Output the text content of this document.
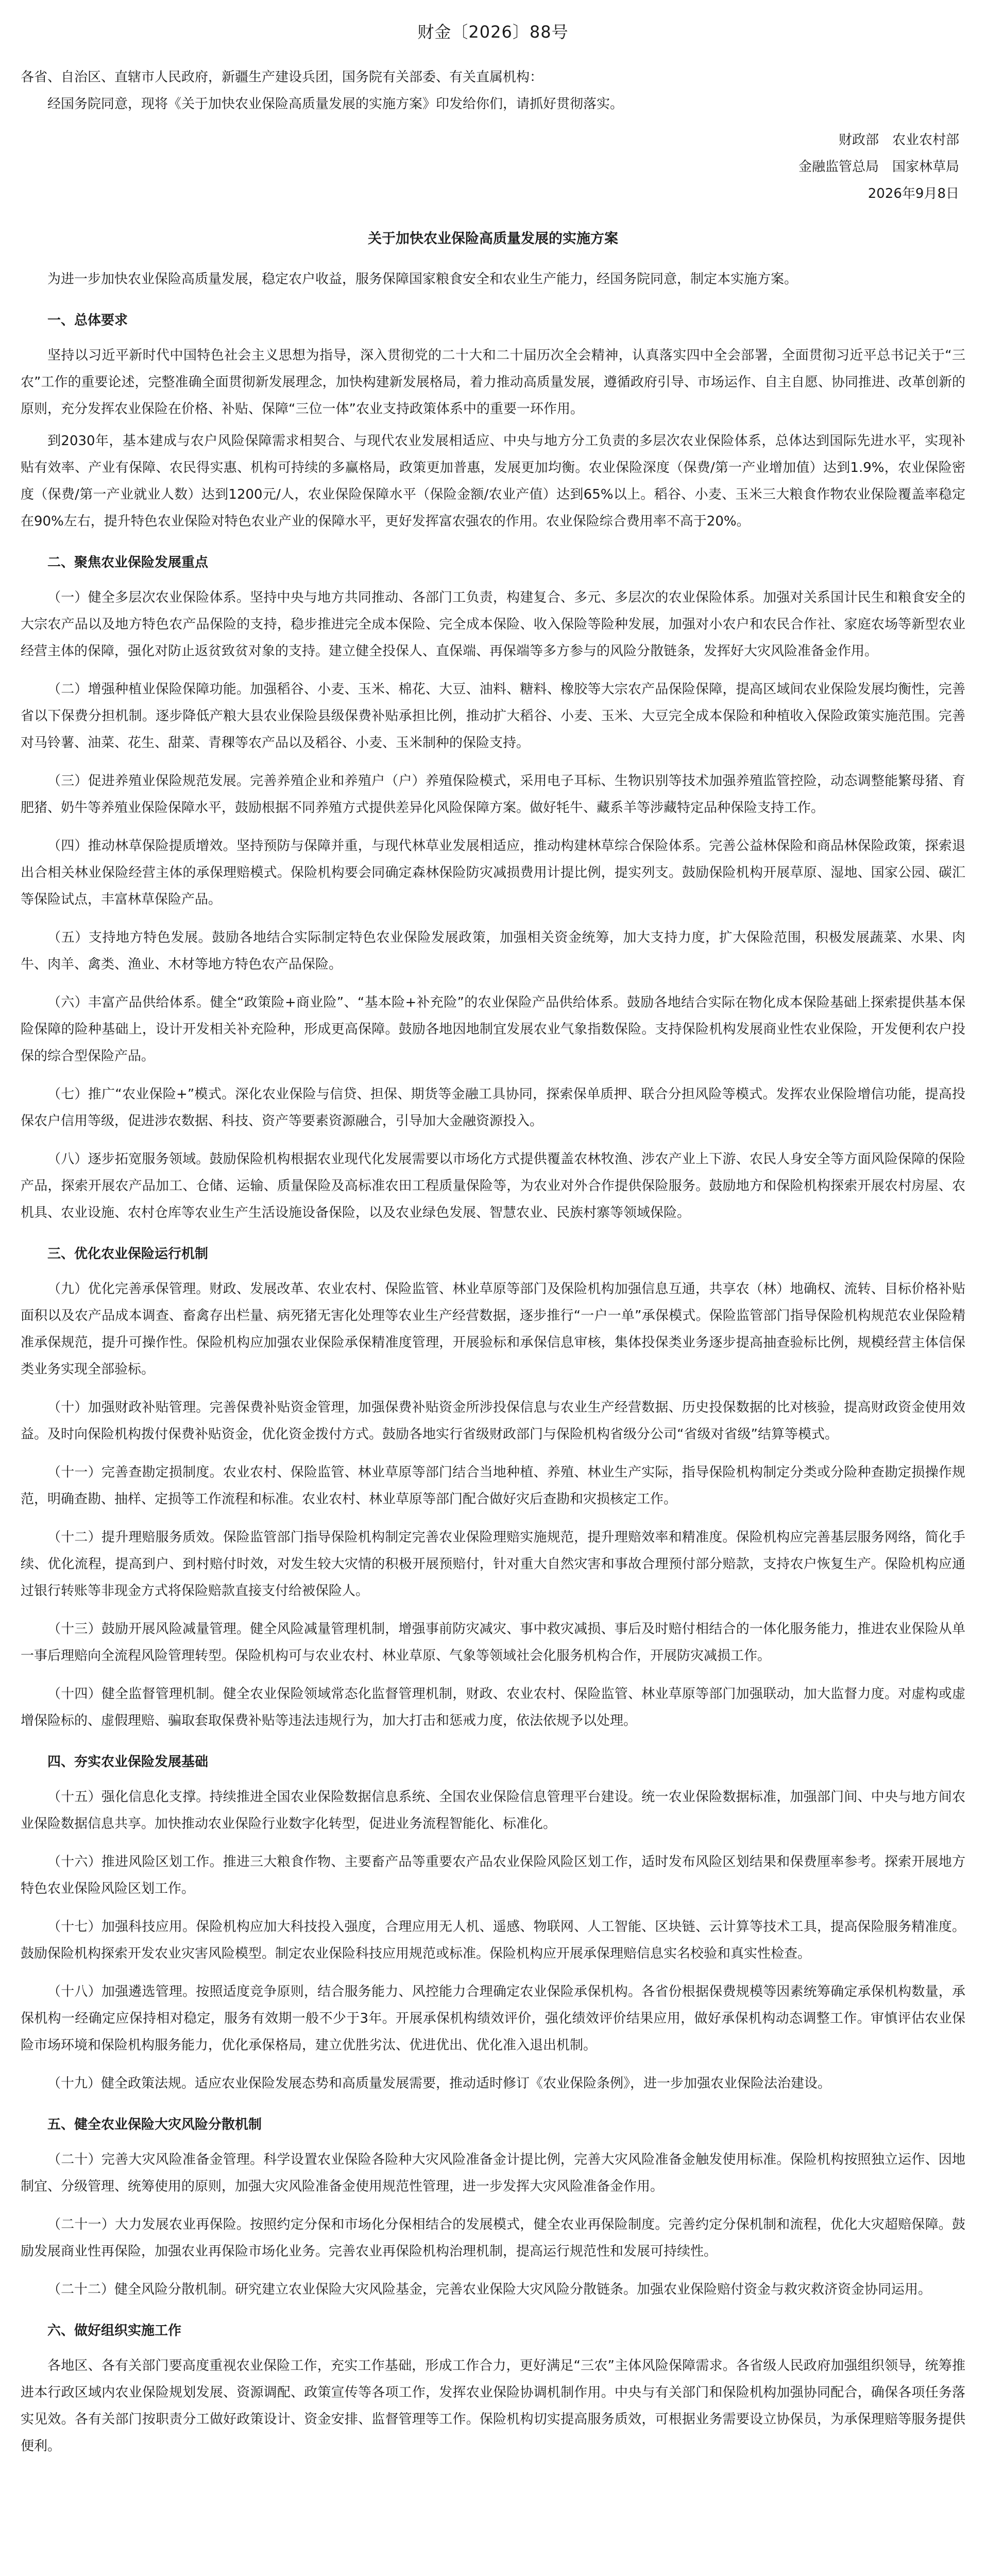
财金〔2026〕88号

各省、自治区、直辖市人民政府，新疆生产建设兵团，国务院有关部委、有关直属机构：

经国务院同意，现将《关于加快农业保险高质量发展的实施方案》印发给你们，请抓好贯彻落实。

财政部　农业农村部
金融监管总局　国家林草局
2026年9月8日
关于加快农业保险高质量发展的实施方案

为进一步加快农业保险高质量发展，稳定农户收益，服务保障国家粮食安全和农业生产能力，经国务院同意，制定本实施方案。

一、总体要求

坚持以习近平新时代中国特色社会主义思想为指导，深入贯彻党的二十大和二十届历次全会精神，认真落实四中全会部署，全面贯彻习近平总书记关于“三农”工作的重要论述，完整准确全面贯彻新发展理念，加快构建新发展格局，着力推动高质量发展，遵循政府引导、市场运作、自主自愿、协同推进、改革创新的原则，充分发挥农业保险在价格、补贴、保障“三位一体”农业支持政策体系中的重要一环作用。

到2030年，基本建成与农户风险保障需求相契合、与现代农业发展相适应、中央与地方分工负责的多层次农业保险体系，总体达到国际先进水平，实现补贴有效率、产业有保障、农民得实惠、机构可持续的多赢格局，政策更加普惠，发展更加均衡。农业保险深度（保费/第一产业增加值）达到1.9%，农业保险密度（保费/第一产业就业人数）达到1200元/人，农业保险保障水平（保险金额/农业产值）达到65%以上。稻谷、小麦、玉米三大粮食作物农业保险覆盖率稳定在90%左右，提升特色农业保险对特色农业产业的保障水平，更好发挥富农强农的作用。农业保险综合费用率不高于20%。

二、聚焦农业保险发展重点

（一）健全多层次农业保险体系。坚持中央与地方共同推动、各部门工负责，构建复合、多元、多层次的农业保险体系。加强对关系国计民生和粮食安全的大宗农产品以及地方特色农产品保险的支持，稳步推进完全成本保险、完全成本保险、收入保险等险种发展，加强对小农户和农民合作社、家庭农场等新型农业经营主体的保障，强化对防止返贫致贫对象的支持。建立健全投保人、直保端、再保端等多方参与的风险分散链条，发挥好大灾风险准备金作用。

（二）增强种植业保险保障功能。加强稻谷、小麦、玉米、棉花、大豆、油料、糖料、橡胶等大宗农产品保险保障，提高区域间农业保险发展均衡性，完善省以下保费分担机制。逐步降低产粮大县农业保险县级保费补贴承担比例，推动扩大稻谷、小麦、玉米、大豆完全成本保险和种植收入保险政策实施范围。完善对马铃薯、油菜、花生、甜菜、青稞等农产品以及稻谷、小麦、玉米制种的保险支持。

（三）促进养殖业保险规范发展。完善养殖企业和养殖户（户）养殖保险模式，采用电子耳标、生物识别等技术加强养殖监管控险，动态调整能繁母猪、育肥猪、奶牛等养殖业保险保障水平，鼓励根据不同养殖方式提供差异化风险保障方案。做好牦牛、藏系羊等涉藏特定品种保险支持工作。

（四）推动林草保险提质增效。坚持预防与保障并重，与现代林草业发展相适应，推动构建林草综合保险体系。完善公益林保险和商品林保险政策，探索退出合相关林业保险经营主体的承保理赔模式。保险机构要会同确定森林保险防灾减损费用计提比例，提实列支。鼓励保险机构开展草原、湿地、国家公园、碳汇等保险试点，丰富林草保险产品。

（五）支持地方特色发展。鼓励各地结合实际制定特色农业保险发展政策，加强相关资金统筹，加大支持力度，扩大保险范围，积极发展蔬菜、水果、肉牛、肉羊、禽类、渔业、木材等地方特色农产品保险。

（六）丰富产品供给体系。健全“政策险+商业险”、“基本险+补充险”的农业保险产品供给体系。鼓励各地结合实际在物化成本保险基础上探索提供基本保险保障的险种基础上，设计开发相关补充险种，形成更高保障。鼓励各地因地制宜发展农业气象指数保险。支持保险机构发展商业性农业保险，开发便利农户投保的综合型保险产品。

（七）推广“农业保险+”模式。深化农业保险与信贷、担保、期货等金融工具协同，探索保单质押、联合分担风险等模式。发挥农业保险增信功能，提高投保农户信用等级，促进涉农数据、科技、资产等要素资源融合，引导加大金融资源投入。

（八）逐步拓宽服务领域。鼓励保险机构根据农业现代化发展需要以市场化方式提供覆盖农林牧渔、涉农产业上下游、农民人身安全等方面风险保障的保险产品，探索开展农产品加工、仓储、运输、质量保险及高标准农田工程质量保险等，为农业对外合作提供保险服务。鼓励地方和保险机构探索开展农村房屋、农机具、农业设施、农村仓库等农业生产生活设施设备保险，以及农业绿色发展、智慧农业、民族村寨等领域保险。

三、优化农业保险运行机制

（九）优化完善承保管理。财政、发展改革、农业农村、保险监管、林业草原等部门及保险机构加强信息互通，共享农（林）地确权、流转、目标价格补贴面积以及农产品成本调查、畜禽存出栏量、病死猪无害化处理等农业生产经营数据，逐步推行“一户一单”承保模式。保险监管部门指导保险机构规范农业保险精准承保规范，提升可操作性。保险机构应加强农业保险承保精准度管理，开展验标和承保信息审核，集体投保类业务逐步提高抽查验标比例，规模经营主体信保类业务实现全部验标。

（十）加强财政补贴管理。完善保费补贴资金管理，加强保费补贴资金所涉投保信息与农业生产经营数据、历史投保数据的比对核验，提高财政资金使用效益。及时向保险机构拨付保费补贴资金，优化资金拨付方式。鼓励各地实行省级财政部门与保险机构省级分公司“省级对省级”结算等模式。

（十一）完善查勘定损制度。农业农村、保险监管、林业草原等部门结合当地种植、养殖、林业生产实际，指导保险机构制定分类或分险种查勘定损操作规范，明确查勘、抽样、定损等工作流程和标准。农业农村、林业草原等部门配合做好灾后查勘和灾损核定工作。

（十二）提升理赔服务质效。保险监管部门指导保险机构制定完善农业保险理赔实施规范，提升理赔效率和精准度。保险机构应完善基层服务网络，简化手续、优化流程，提高到户、到村赔付时效，对发生较大灾情的积极开展预赔付，针对重大自然灾害和事故合理预付部分赔款，支持农户恢复生产。保险机构应通过银行转账等非现金方式将保险赔款直接支付给被保险人。

（十三）鼓励开展风险减量管理。健全风险减量管理机制，增强事前防灾减灾、事中救灾减损、事后及时赔付相结合的一体化服务能力，推进农业保险从单一事后理赔向全流程风险管理转型。保险机构可与农业农村、林业草原、气象等领域社会化服务机构合作，开展防灾减损工作。

（十四）健全监督管理机制。健全农业保险领域常态化监督管理机制，财政、农业农村、保险监管、林业草原等部门加强联动，加大监督力度。对虚构或虚增保险标的、虚假理赔、骗取套取保费补贴等违法违规行为，加大打击和惩戒力度，依法依规予以处理。

四、夯实农业保险发展基础

（十五）强化信息化支撑。持续推进全国农业保险数据信息系统、全国农业保险信息管理平台建设。统一农业保险数据标准，加强部门间、中央与地方间农业保险数据信息共享。加快推动农业保险行业数字化转型，促进业务流程智能化、标准化。

（十六）推进风险区划工作。推进三大粮食作物、主要畜产品等重要农产品农业保险风险区划工作，适时发布风险区划结果和保费厘率参考。探索开展地方特色农业保险风险区划工作。

（十七）加强科技应用。保险机构应加大科技投入强度，合理应用无人机、遥感、物联网、人工智能、区块链、云计算等技术工具，提高保险服务精准度。鼓励保险机构探索开发农业灾害风险模型。制定农业保险科技应用规范或标准。保险机构应开展承保理赔信息实名校验和真实性检查。

（十八）加强遴选管理。按照适度竞争原则，结合服务能力、风控能力合理确定农业保险承保机构。各省份根据保费规模等因素统筹确定承保机构数量，承保机构一经确定应保持相对稳定，服务有效期一般不少于3年。开展承保机构绩效评价，强化绩效评价结果应用，做好承保机构动态调整工作。审慎评估农业保险市场环境和保险机构服务能力，优化承保格局，建立优胜劣汰、优进优出、优化准入退出机制。

（十九）健全政策法规。适应农业保险发展态势和高质量发展需要，推动适时修订《农业保险条例》，进一步加强农业保险法治建设。

五、健全农业保险大灾风险分散机制

（二十）完善大灾风险准备金管理。科学设置农业保险各险种大灾风险准备金计提比例，完善大灾风险准备金触发使用标准。保险机构按照独立运作、因地制宜、分级管理、统筹使用的原则，加强大灾风险准备金使用规范性管理，进一步发挥大灾风险准备金作用。

（二十一）大力发展农业再保险。按照约定分保和市场化分保相结合的发展模式，健全农业再保险制度。完善约定分保机制和流程，优化大灾超赔保障。鼓励发展商业性再保险，加强农业再保险市场化业务。完善农业再保险机构治理机制，提高运行规范性和发展可持续性。

（二十二）健全风险分散机制。研究建立农业保险大灾风险基金，完善农业保险大灾风险分散链条。加强农业保险赔付资金与救灾救济资金协同运用。

六、做好组织实施工作

各地区、各有关部门要高度重视农业保险工作，充实工作基础，形成工作合力，更好满足“三农”主体风险保障需求。各省级人民政府加强组织领导，统筹推进本行政区域内农业保险规划发展、资源调配、政策宣传等各项工作，发挥农业保险协调机制作用。中央与有关部门和保险机构加强协同配合，确保各项任务落实见效。各有关部门按职责分工做好政策设计、资金安排、监督管理等工作。保险机构切实提高服务质效，可根据业务需要设立协保员，为承保理赔等服务提供便利。
